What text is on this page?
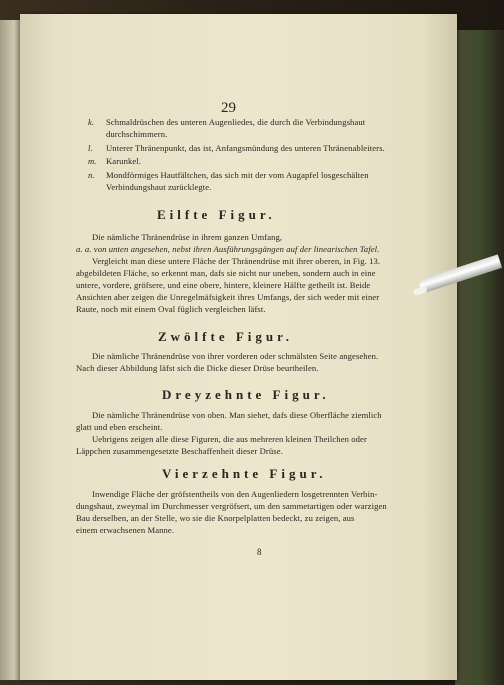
29
k. Schmaldrüschen des unteren Augenliedes, die durch die Verbindungshaut
durchschimmern.
l. Unterer Thränenpunkt, das ist, Anfangsmündung des unteren Thränenableiters.
m. Karunkel.
n. Mondförmiges Hautfältchen, das sich mit der vom Augapfel losgeschälten
Verbindungshaut zurücklegte.
Eilfte Figur.
Die nämliche Thränendrüse in ihrem ganzen Umfang,
a. a. von unten angesehen, nebst ihren Ausführungsgängen auf der linearischen Tafel.
Vergleicht man diese untere Fläche der Thränendrüse mit ihrer oberen, in Fig. 13.
abgebildeten Fläche, so erkennt man, dafs sie nicht nur uneben, sondern auch in eine
untere, vordere, gröfsere, und eine obere, hintere, kleinere Hälfte getheilt ist. Beide
Ansichten aber zeigen die Unregelmäfsigkeit ihres Umfangs, der sich weder mit einer
Raute, noch mit einem Oval füglich vergleichen läfst.
Zwölfte Figur.
Die nämliche Thränendrüse von ihrer vorderen oder schmälsten Seite angesehen.
Nach dieser Abbildung läfst sich die Dicke dieser Drüse beurtheilen.
Dreyzehnte Figur.
Die nämliche Thränendrüse von oben. Man siehet, dafs diese Oberfläche ziemlich
glatt und eben erscheint.
Uebrigens zeigen alle diese Figuren, die aus mehreren kleinen Theilchen oder
Läppchen zusammengesetzte Beschaffenheit dieser Drüse.
Vierzehnte Figur.
Inwendige Fläche der gröfstentheils von den Augenliedern losgetrennten Verbin-
dungshaut, zweymal im Durchmesser vergröfsert, um den sammetartigen oder warzigen
Bau derselben, an der Stelle, wo sie die Knorpelplatten bedeckt, zu zeigen, aus
einem erwachsenen Manne.
8
